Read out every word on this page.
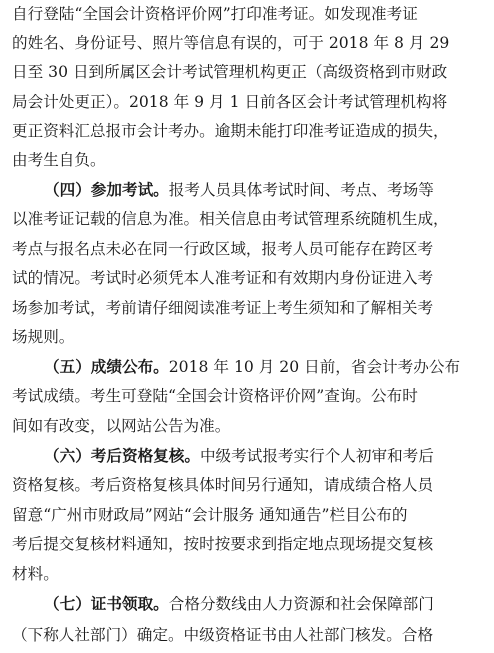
自行登陆“全国会计资格评价网”打印准考证。如发现准考证
的姓名、身份证号、照片等信息有误的，可于 2018 年 8 月 29
日至 30 日到所属区会计考试管理机构更正（高级资格到市财政
局会计处更正）。2018 年 9 月 1 日前各区会计考试管理机构将
更正资料汇总报市会计考办。逾期未能打印准考证造成的损失，
由考生自负。
（四）参加考试。报考人员具体考试时间、考点、考场等
以准考证记载的信息为准。相关信息由考试管理系统随机生成，
考点与报名点未必在同一行政区域，报考人员可能存在跨区考
试的情况。考试时必须凭本人准考证和有效期内身份证进入考
场参加考试，考前请仔细阅读准考证上考生须知和了解相关考
场规则。
（五）成绩公布。2018 年 10 月 20 日前，省会计考办公布
考试成绩。考生可登陆“全国会计资格评价网”查询。公布时
间如有改变，以网站公告为准。
（六）考后资格复核。中级考试报考实行个人初审和考后
资格复核。考后资格复核具体时间另行通知，请成绩合格人员
留意“广州市财政局”网站“会计服务 通知通告”栏目公布的
考后提交复核材料通知，按时按要求到指定地点现场提交复核
材料。
（七）证书领取。合格分数线由人力资源和社会保障部门
（下称人社部门）确定。中级资格证书由人社部门核发。合格
